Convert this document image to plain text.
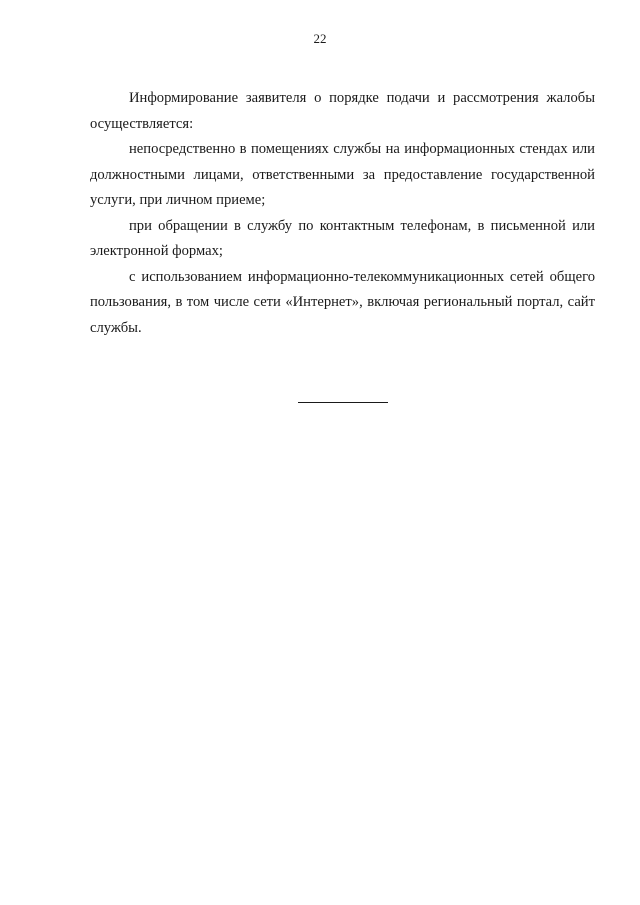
22

Информирование заявителя о порядке подачи и рассмотрения жалобы осуществляется:

непосредственно в помещениях службы на информационных стендах или должностными лицами, ответственными за предоставление государственной услуги, при личном приеме;

при обращении в службу по контактным телефонам, в письменной или электронной формах;

с использованием информационно-телекоммуникационных сетей общего пользования, в том числе сети «Интернет», включая региональный портал, сайт службы.
